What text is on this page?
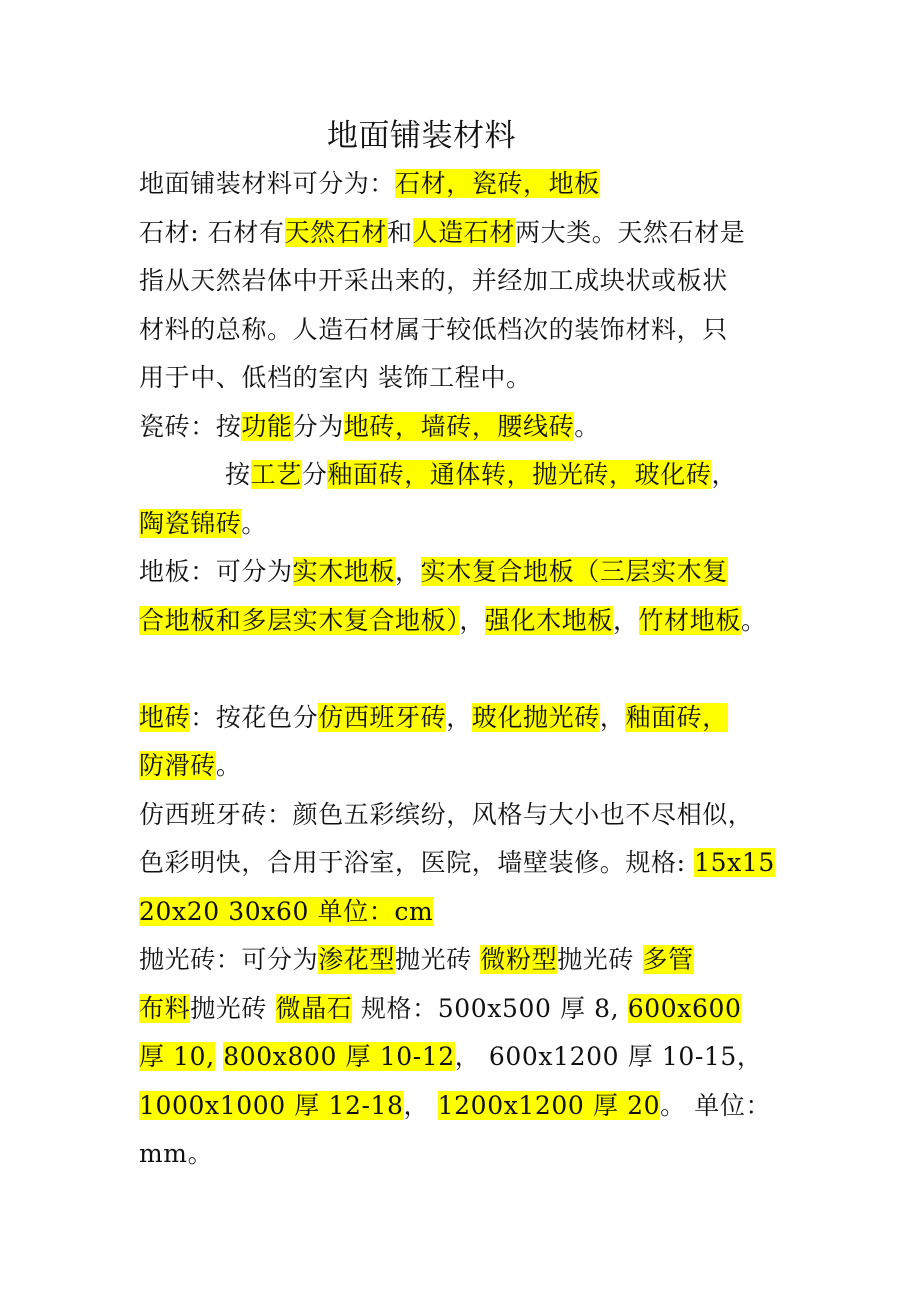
地面铺装材料
地面铺装材料可分为：石材，瓷砖，地板
石材: 石材有天然石材和人造石材两大类。天然石材是
指从天然岩体中开采出来的，并经加工成块状或板状
材料的总称。人造石材属于较低档次的装饰材料，只
用于中、低档的室内 装饰工程中。
瓷砖：按功能分为地砖，墙砖，腰线砖。
按工艺分釉面砖，通体转，抛光砖，玻化砖，
陶瓷锦砖。
地板：可分为实木地板，实木复合地板（三层实木复
合地板和多层实木复合地板），强化木地板，竹材地板。
地砖：按花色分仿西班牙砖，玻化抛光砖，釉面砖，
防滑砖。
仿西班牙砖：颜色五彩缤纷，风格与大小也不尽相似，
色彩明快，合用于浴室，医院，墙壁装修。规格: 15x15
20x20 30x60 单位：cm
抛光砖：可分为渗花型抛光砖 微粉型抛光砖 多管
布料抛光砖 微晶石 规格：500x500 厚 8, 600x600
厚 10, 800x800 厚 10-12， 600x1200 厚 10-15，
1000x1000 厚 12-18， 1200x1200 厚 20。 单位：
mm。
